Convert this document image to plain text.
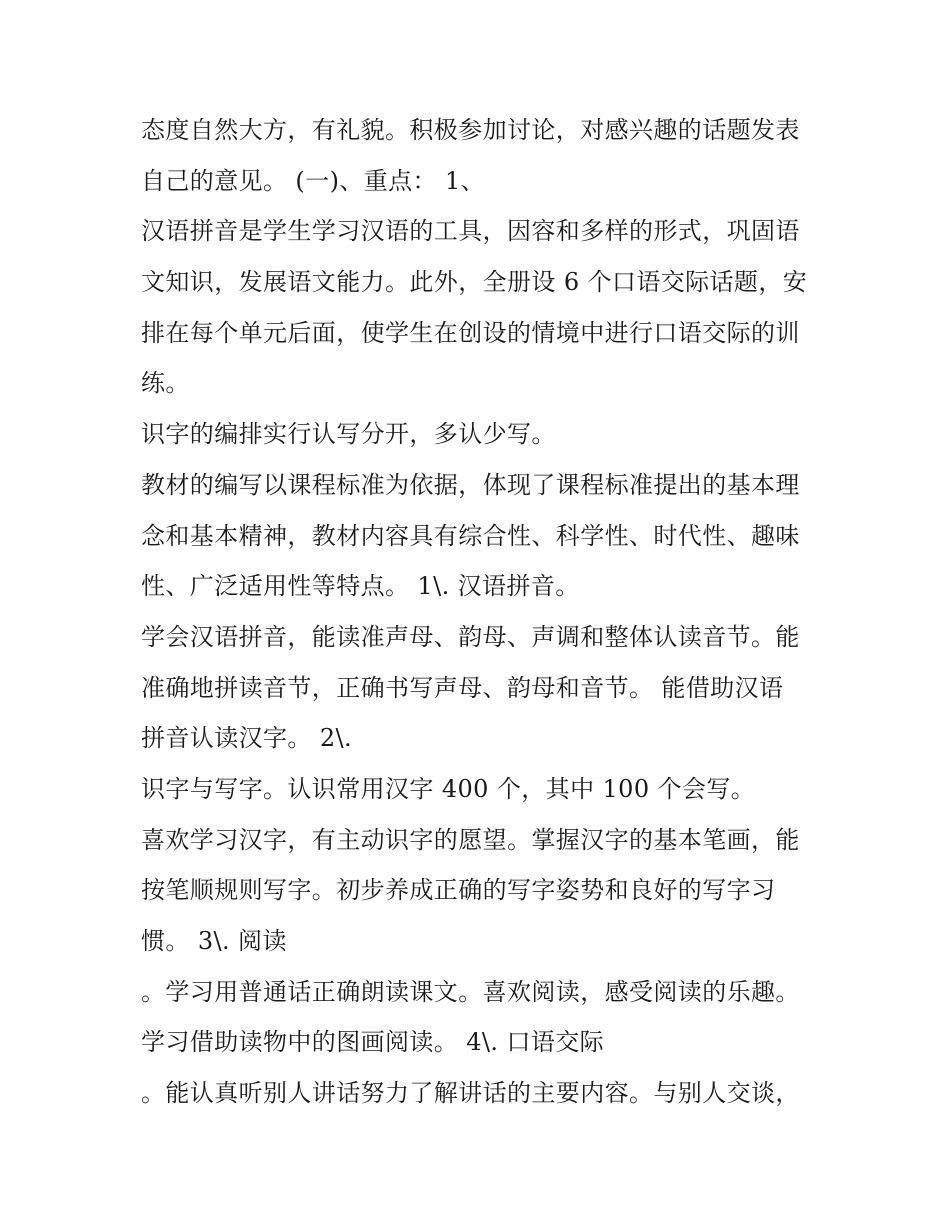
态度自然大方，有礼貌。积极参加讨论，对感兴趣的话题发表
自己的意见。 (一)、重点： 1、
汉语拼音是学生学习汉语的工具，因容和多样的形式，巩固语
文知识，发展语文能力。此外，全册设 6 个口语交际话题，安
排在每个单元后面，使学生在创设的情境中进行口语交际的训
练。
识字的编排实行认写分开，多认少写。
教材的编写以课程标准为依据，体现了课程标准提出的基本理
念和基本精神，教材内容具有综合性、科学性、时代性、趣味
性、广泛适用性等特点。 1\. 汉语拼音。
学会汉语拼音，能读准声母、韵母、声调和整体认读音节。能
准确地拼读音节，正确书写声母、韵母和音节。 能借助汉语
拼音认读汉字。 2\.
识字与写字。认识常用汉字 400 个，其中 100 个会写。
喜欢学习汉字，有主动识字的愿望。掌握汉字的基本笔画，能
按笔顺规则写字。初步养成正确的写字姿势和良好的写字习
惯。 3\. 阅读
。学习用普通话正确朗读课文。喜欢阅读，感受阅读的乐趣。
学习借助读物中的图画阅读。 4\. 口语交际
。能认真听别人讲话努力了解讲话的主要内容。与别人交谈，
